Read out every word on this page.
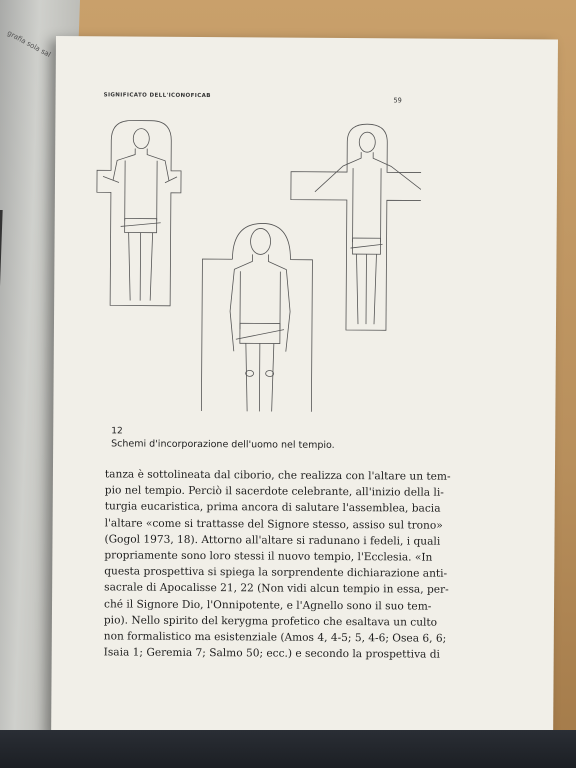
grafia sola sal
SIGNIFICATO DELL'ICONOFICAB
59
12
Schemi d'incorporazione dell'uomo nel tempio.

tanza è sottolineata dal ciborio, che realizza con l'altare un tem-

pio nel tempio. Perciò il sacerdote celebrante, all'inizio della li-

turgia eucaristica, prima ancora di salutare l'assemblea, bacia

l'altare «come si trattasse del Signore stesso, assiso sul trono»

(Gogol 1973, 18). Attorno all'altare si radunano i fedeli, i quali

propriamente sono loro stessi il nuovo tempio, l'Ecclesia. «In

questa prospettiva si spiega la sorprendente dichiarazione anti-

sacrale di Apocalisse 21, 22 (Non vidi alcun tempio in essa, per-

ché il Signore Dio, l'Onnipotente, e l'Agnello sono il suo tem-

pio). Nello spirito del kerygma profetico che esaltava un culto

non formalistico ma esistenziale (Amos 4, 4-5; 5, 4-6; Osea 6, 6;

Isaia 1; Geremia 7; Salmo 50; ecc.) e secondo la prospettiva di
